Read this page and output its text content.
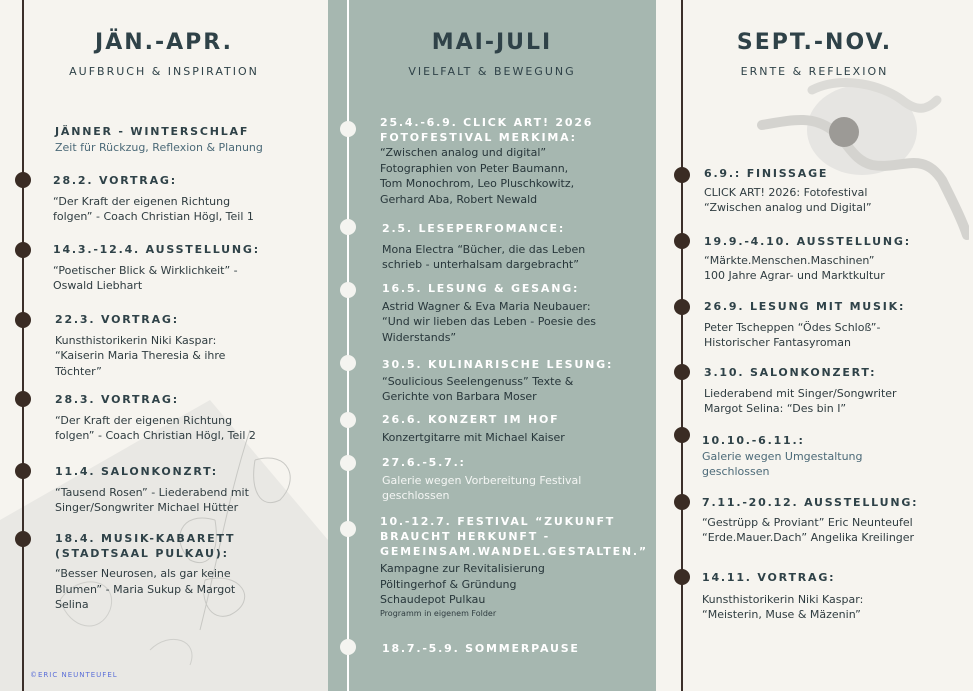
JÄN.-APR.
AUFBRUCH & INSPIRATION
JÄNNER - WINTERSCHLAF
Zeit für Rückzug, Reflexion & Planung
28.2. VORTRAG:
“Der Kraft der eigenen Richtung
folgen” - Coach Christian Högl, Teil 1
14.3.-12.4. AUSSTELLUNG:
“Poetischer Blick & Wirklichkeit” -
Oswald Liebhart
22.3. VORTRAG:
Kunsthistorikerin Niki Kaspar:
“Kaiserin Maria Theresia & ihre
Töchter”
28.3. VORTRAG:
“Der Kraft der eigenen Richtung
folgen” - Coach Christian Högl, Teil 2
11.4. SALONKONZRT:
“Tausend Rosen” - Liederabend mit
Singer/Songwriter Michael Hütter
18.4. MUSIK-KABARETT
(STADTSAAL PULKAU):
“Besser Neurosen, als gar keine
Blumen” - Maria Sukup & Margot
Selina
©ERIC NEUNTEUFEL
MAI-JULI
VIELFALT & BEWEGUNG
25.4.-6.9. CLICK ART! 2026
FOTOFESTIVAL MERKIMA:
“Zwischen analog und digital”
Fotographien von Peter Baumann,
Tom Monochrom, Leo Pluschkowitz,
Gerhard Aba, Robert Newald
2.5. LESEPERFOMANCE:
Mona Electra “Bücher, die das Leben
schrieb - unterhalsam dargebracht”
16.5. LESUNG & GESANG:
Astrid Wagner & Eva Maria Neubauer:
“Und wir lieben das Leben - Poesie des
Widerstands”
30.5. KULINARISCHE LESUNG:
“Soulicious Seelengenuss” Texte &
Gerichte von Barbara Moser
26.6. KONZERT IM HOF
Konzertgitarre mit Michael Kaiser
27.6.-5.7.:
Galerie wegen Vorbereitung Festival
geschlossen
10.-12.7. FESTIVAL “ZUKUNFT
BRAUCHT HERKUNFT -
GEMEINSAM.WANDEL.GESTALTEN.”
Kampagne zur Revitalisierung
Pöltingerhof & Gründung
Schaudepot Pulkau
Programm in eigenem Folder
18.7.-5.9. SOMMERPAUSE
SEPT.-NOV.
ERNTE & REFLEXION
6.9.: FINISSAGE
CLICK ART! 2026: Fotofestival
“Zwischen analog und Digital”
19.9.-4.10. AUSSTELLUNG:
“Märkte.Menschen.Maschinen”
100 Jahre Agrar- und Marktkultur
26.9. LESUNG MIT MUSIK:
Peter Tscheppen “Ödes Schloß”-
Historischer Fantasyroman
3.10. SALONKONZERT:
Liederabend mit Singer/Songwriter
Margot Selina: “Des bin I”
10.10.-6.11.:
Galerie wegen Umgestaltung
geschlossen
7.11.-20.12. AUSSTELLUNG:
“Gestrüpp & Proviant” Eric Neunteufel
“Erde.Mauer.Dach” Angelika Kreilinger
14.11. VORTRAG:
Kunsthistorikerin Niki Kaspar:
“Meisterin, Muse & Mäzenin”
